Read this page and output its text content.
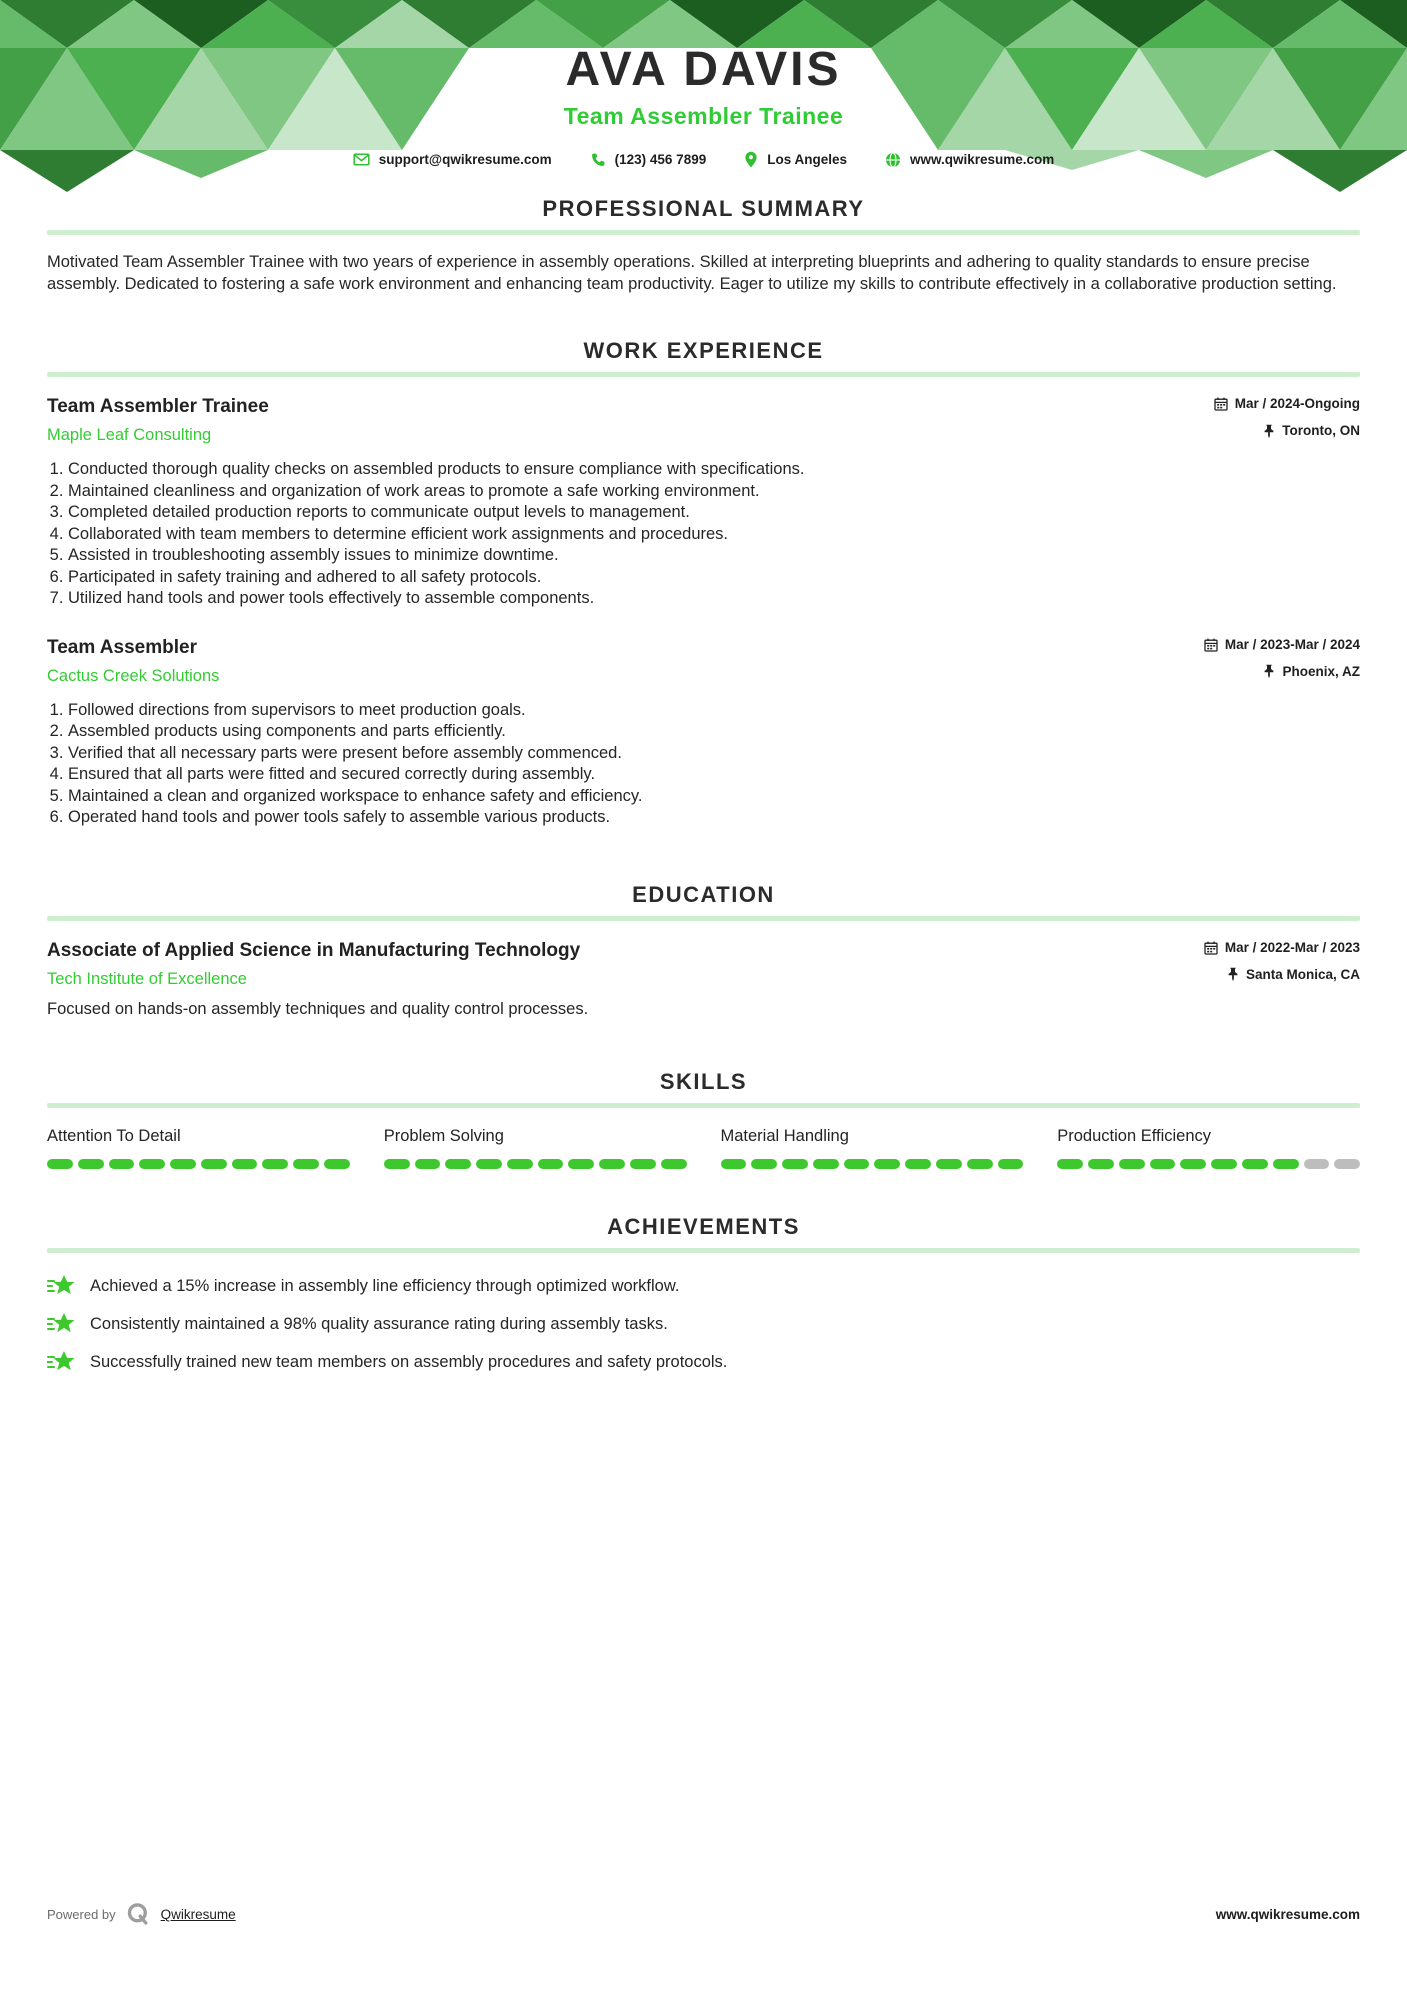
AVA DAVIS
Team Assembler Trainee
support@qwikresume.com	(123) 456 7899	Los Angeles	www.qwikresume.com
PROFESSIONAL SUMMARY

Motivated Team Assembler Trainee with two years of experience in assembly operations. Skilled at interpreting blueprints and adhering to quality standards to ensure precise assembly. Dedicated to fostering a safe work environment and enhancing team productivity. Eager to utilize my skills to contribute effectively in a collaborative production setting.

WORK EXPERIENCE
Team Assembler Trainee
Maple Leaf Consulting
Mar / 2024-Ongoing
Toronto, ON
1. Conducted thorough quality checks on assembled products to ensure compliance with specifications.
2. Maintained cleanliness and organization of work areas to promote a safe working environment.
3. Completed detailed production reports to communicate output levels to management.
4. Collaborated with team members to determine efficient work assignments and procedures.
5. Assisted in troubleshooting assembly issues to minimize downtime.
6. Participated in safety training and adhered to all safety protocols.
7. Utilized hand tools and power tools effectively to assemble components.
Team Assembler
Cactus Creek Solutions
Mar / 2023-Mar / 2024
Phoenix, AZ
1. Followed directions from supervisors to meet production goals.
2. Assembled products using components and parts efficiently.
3. Verified that all necessary parts were present before assembly commenced.
4. Ensured that all parts were fitted and secured correctly during assembly.
5. Maintained a clean and organized workspace to enhance safety and efficiency.
6. Operated hand tools and power tools safely to assemble various products.
EDUCATION
Associate of Applied Science in Manufacturing Technology
Tech Institute of Excellence
Mar / 2022-Mar / 2023
Santa Monica, CA

Focused on hands-on assembly techniques and quality control processes.

SKILLS
Attention To Detail	Problem Solving	Material Handling	Production Efficiency
ACHIEVEMENTS
Achieved a 15% increase in assembly line efficiency through optimized workflow.
Consistently maintained a 98% quality assurance rating during assembly tasks.
Successfully trained new team members on assembly procedures and safety protocols.
Powered by	Qwikresume	www.qwikresume.com
